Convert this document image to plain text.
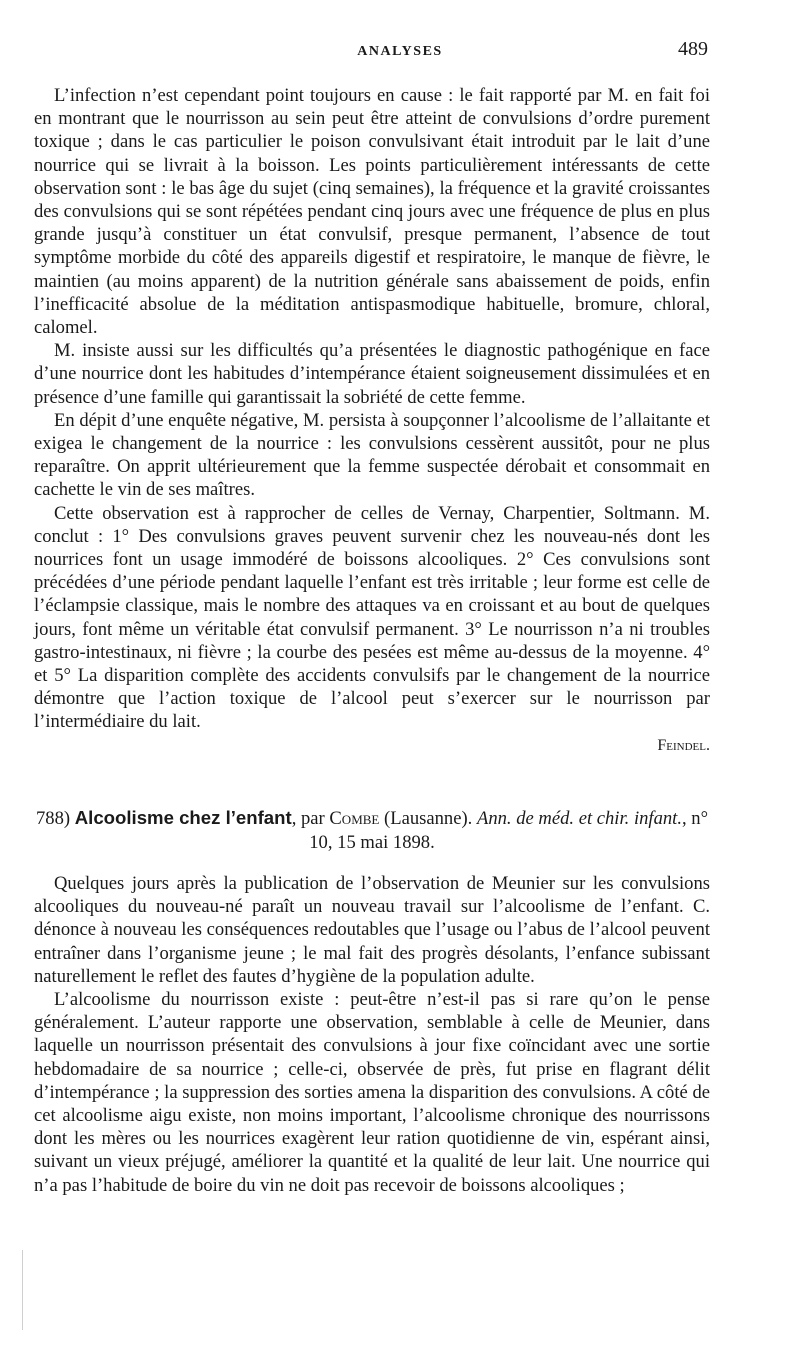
ANALYSES	489

L’infection n’est cependant point toujours en cause : le fait rapporté par M. en fait foi en montrant que le nourrisson au sein peut être atteint de convulsions d’ordre purement toxique ; dans le cas particulier le poison convulsivant était introduit par le lait d’une nourrice qui se livrait à la boisson. Les points particulièrement intéressants de cette observation sont : le bas âge du sujet (cinq semaines), la fréquence et la gravité croissantes des convulsions qui se sont répétées pendant cinq jours avec une fréquence de plus en plus grande jusqu’à constituer un état convulsif, presque permanent, l’absence de tout symptôme morbide du côté des appareils digestif et respiratoire, le manque de fièvre, le maintien (au moins apparent) de la nutrition générale sans abaissement de poids, enfin l’inefficacité absolue de la méditation antispasmodique habituelle, bromure, chloral, calomel.

M. insiste aussi sur les difficultés qu’a présentées le diagnostic pathogénique en face d’une nourrice dont les habitudes d’intempérance étaient soigneusement dissimulées et en présence d’une famille qui garantissait la sobriété de cette femme.

En dépit d’une enquête négative, M. persista à soupçonner l’alcoolisme de l’allaitante et exigea le changement de la nourrice : les convulsions cessèrent aussitôt, pour ne plus reparaître. On apprit ultérieurement que la femme suspectée dérobait et consommait en cachette le vin de ses maîtres.

Cette observation est à rapprocher de celles de Vernay, Charpentier, Soltmann. M. conclut : 1° Des convulsions graves peuvent survenir chez les nouveau-nés dont les nourrices font un usage immodéré de boissons alcooliques. 2° Ces convulsions sont précédées d’une période pendant laquelle l’enfant est très irritable ; leur forme est celle de l’éclampsie classique, mais le nombre des attaques va en croissant et au bout de quelques jours, font même un véritable état convulsif permanent. 3° Le nourrisson n’a ni troubles gastro-intestinaux, ni fièvre ; la courbe des pesées est même au-dessus de la moyenne. 4° et 5° La disparition complète des accidents convulsifs par le changement de la nourrice démontre que l’action toxique de l’alcool peut s’exercer sur le nourrisson par l’intermédiaire du lait.

Feindel.
788) Alcoolisme chez l’enfant, par Combe (Lausanne). Ann. de méd. et chir. infant., n° 10, 15 mai 1898.

Quelques jours après la publication de l’observation de Meunier sur les convulsions alcooliques du nouveau-né paraît un nouveau travail sur l’alcoolisme de l’enfant. C. dénonce à nouveau les conséquences redoutables que l’usage ou l’abus de l’alcool peuvent entraîner dans l’organisme jeune ; le mal fait des progrès désolants, l’enfance subissant naturellement le reflet des fautes d’hygiène de la population adulte.

L’alcoolisme du nourrisson existe : peut-être n’est-il pas si rare qu’on le pense généralement. L’auteur rapporte une observation, semblable à celle de Meunier, dans laquelle un nourrisson présentait des convulsions à jour fixe coïncidant avec une sortie hebdomadaire de sa nourrice ; celle-ci, observée de près, fut prise en flagrant délit d’intempérance ; la suppression des sorties amena la disparition des convulsions. A côté de cet alcoolisme aigu existe, non moins important, l’alcoolisme chronique des nourrissons dont les mères ou les nourrices exagèrent leur ration quotidienne de vin, espérant ainsi, suivant un vieux préjugé, améliorer la quantité et la qualité de leur lait. Une nourrice qui n’a pas l’habitude de boire du vin ne doit pas recevoir de boissons alcooliques ;
